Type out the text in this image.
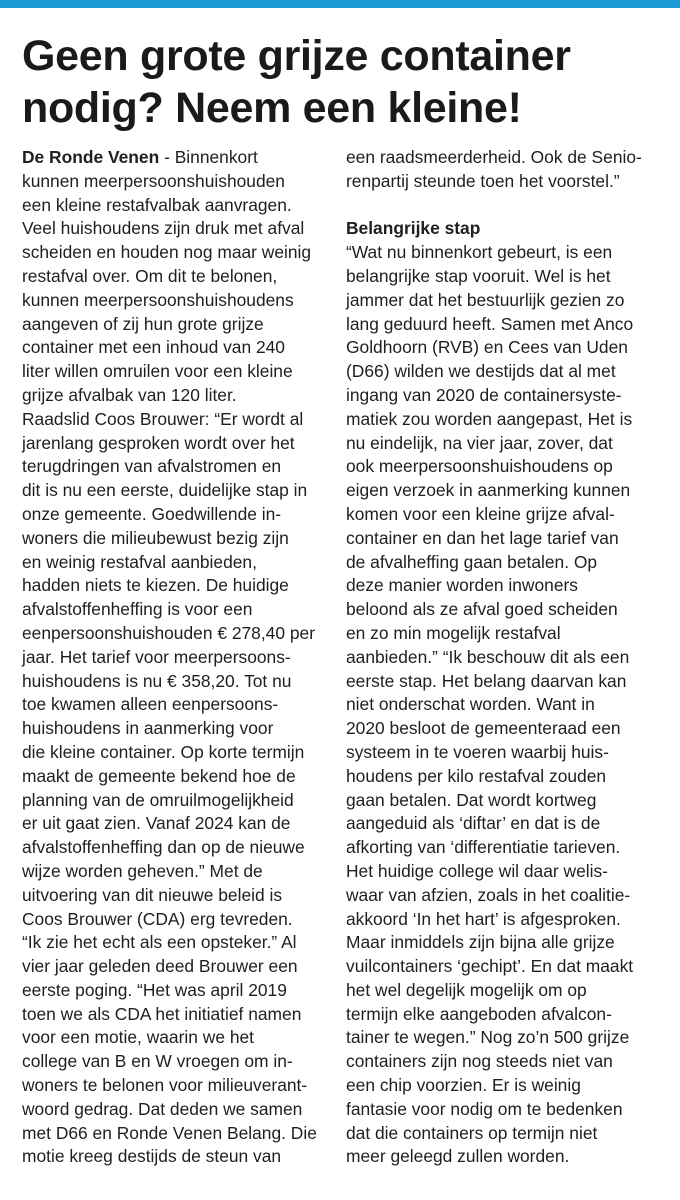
Geen grote grijze container
nodig? Neem een kleine!
De Ronde Venen - Binnenkort
kunnen meerpersoonshuishouden
een kleine restafvalbak aanvragen.
Veel huishoudens zijn druk met afval
scheiden en houden nog maar weinig
restafval over. Om dit te belonen,
kunnen meerpersoonshuishoudens
aangeven of zij hun grote grijze
container met een inhoud van 240
liter willen omruilen voor een kleine
grijze afvalbak van 120 liter.
Raadslid Coos Brouwer: “Er wordt al
jarenlang gesproken wordt over het
terugdringen van afvalstromen en
dit is nu een eerste, duidelijke stap in
onze gemeente. Goedwillende in-
woners die milieubewust bezig zijn
en weinig restafval aanbieden,
hadden niets te kiezen. De huidige
afvalstoffenheffing is voor een
eenpersoonshuishouden € 278,40 per
jaar. Het tarief voor meerpersoons-
huishoudens is nu € 358,20. Tot nu
toe kwamen alleen eenpersoons-
huishoudens in aanmerking voor
die kleine container. Op korte termijn
maakt de gemeente bekend hoe de
planning van de omruilmogelijkheid
er uit gaat zien. Vanaf 2024 kan de
afvalstoffenheffing dan op de nieuwe
wijze worden geheven.” Met de
uitvoering van dit nieuwe beleid is
Coos Brouwer (CDA) erg tevreden.
“Ik zie het echt als een opsteker.” Al
vier jaar geleden deed Brouwer een
eerste poging. “Het was april 2019
toen we als CDA het initiatief namen
voor een motie, waarin we het
college van B en W vroegen om in-
woners te belonen voor milieuverant-
woord gedrag. Dat deden we samen
met D66 en Ronde Venen Belang. Die
motie kreeg destijds de steun van
een raadsmeerderheid. Ook de Senio-
renpartij steunde toen het voorstel.”
Belangrijke stap
“Wat nu binnenkort gebeurt, is een
belangrijke stap vooruit. Wel is het
jammer dat het bestuurlijk gezien zo
lang geduurd heeft. Samen met Anco
Goldhoorn (RVB) en Cees van Uden
(D66) wilden we destijds dat al met
ingang van 2020 de containersyste-
matiek zou worden aangepast, Het is
nu eindelijk, na vier jaar, zover, dat
ook meerpersoonshuishoudens op
eigen verzoek in aanmerking kunnen
komen voor een kleine grijze afval-
container en dan het lage tarief van
de afvalheffing gaan betalen. Op
deze manier worden inwoners
beloond als ze afval goed scheiden
en zo min mogelijk restafval
aanbieden.” “Ik beschouw dit als een
eerste stap. Het belang daarvan kan
niet onderschat worden. Want in
2020 besloot de gemeenteraad een
systeem in te voeren waarbij huis-
houdens per kilo restafval zouden
gaan betalen. Dat wordt kortweg
aangeduid als ‘diftar’ en dat is de
afkorting van ‘differentiatie tarieven.
Het huidige college wil daar welis-
waar van afzien, zoals in het coalitie-
akkoord ‘In het hart’ is afgesproken.
Maar inmiddels zijn bijna alle grijze
vuilcontainers ‘gechipt’. En dat maakt
het wel degelijk mogelijk om op
termijn elke aangeboden afvalcon-
tainer te wegen.” Nog zo’n 500 grijze
containers zijn nog steeds niet van
een chip voorzien. Er is weinig
fantasie voor nodig om te bedenken
dat die containers op termijn niet
meer geleegd zullen worden.
